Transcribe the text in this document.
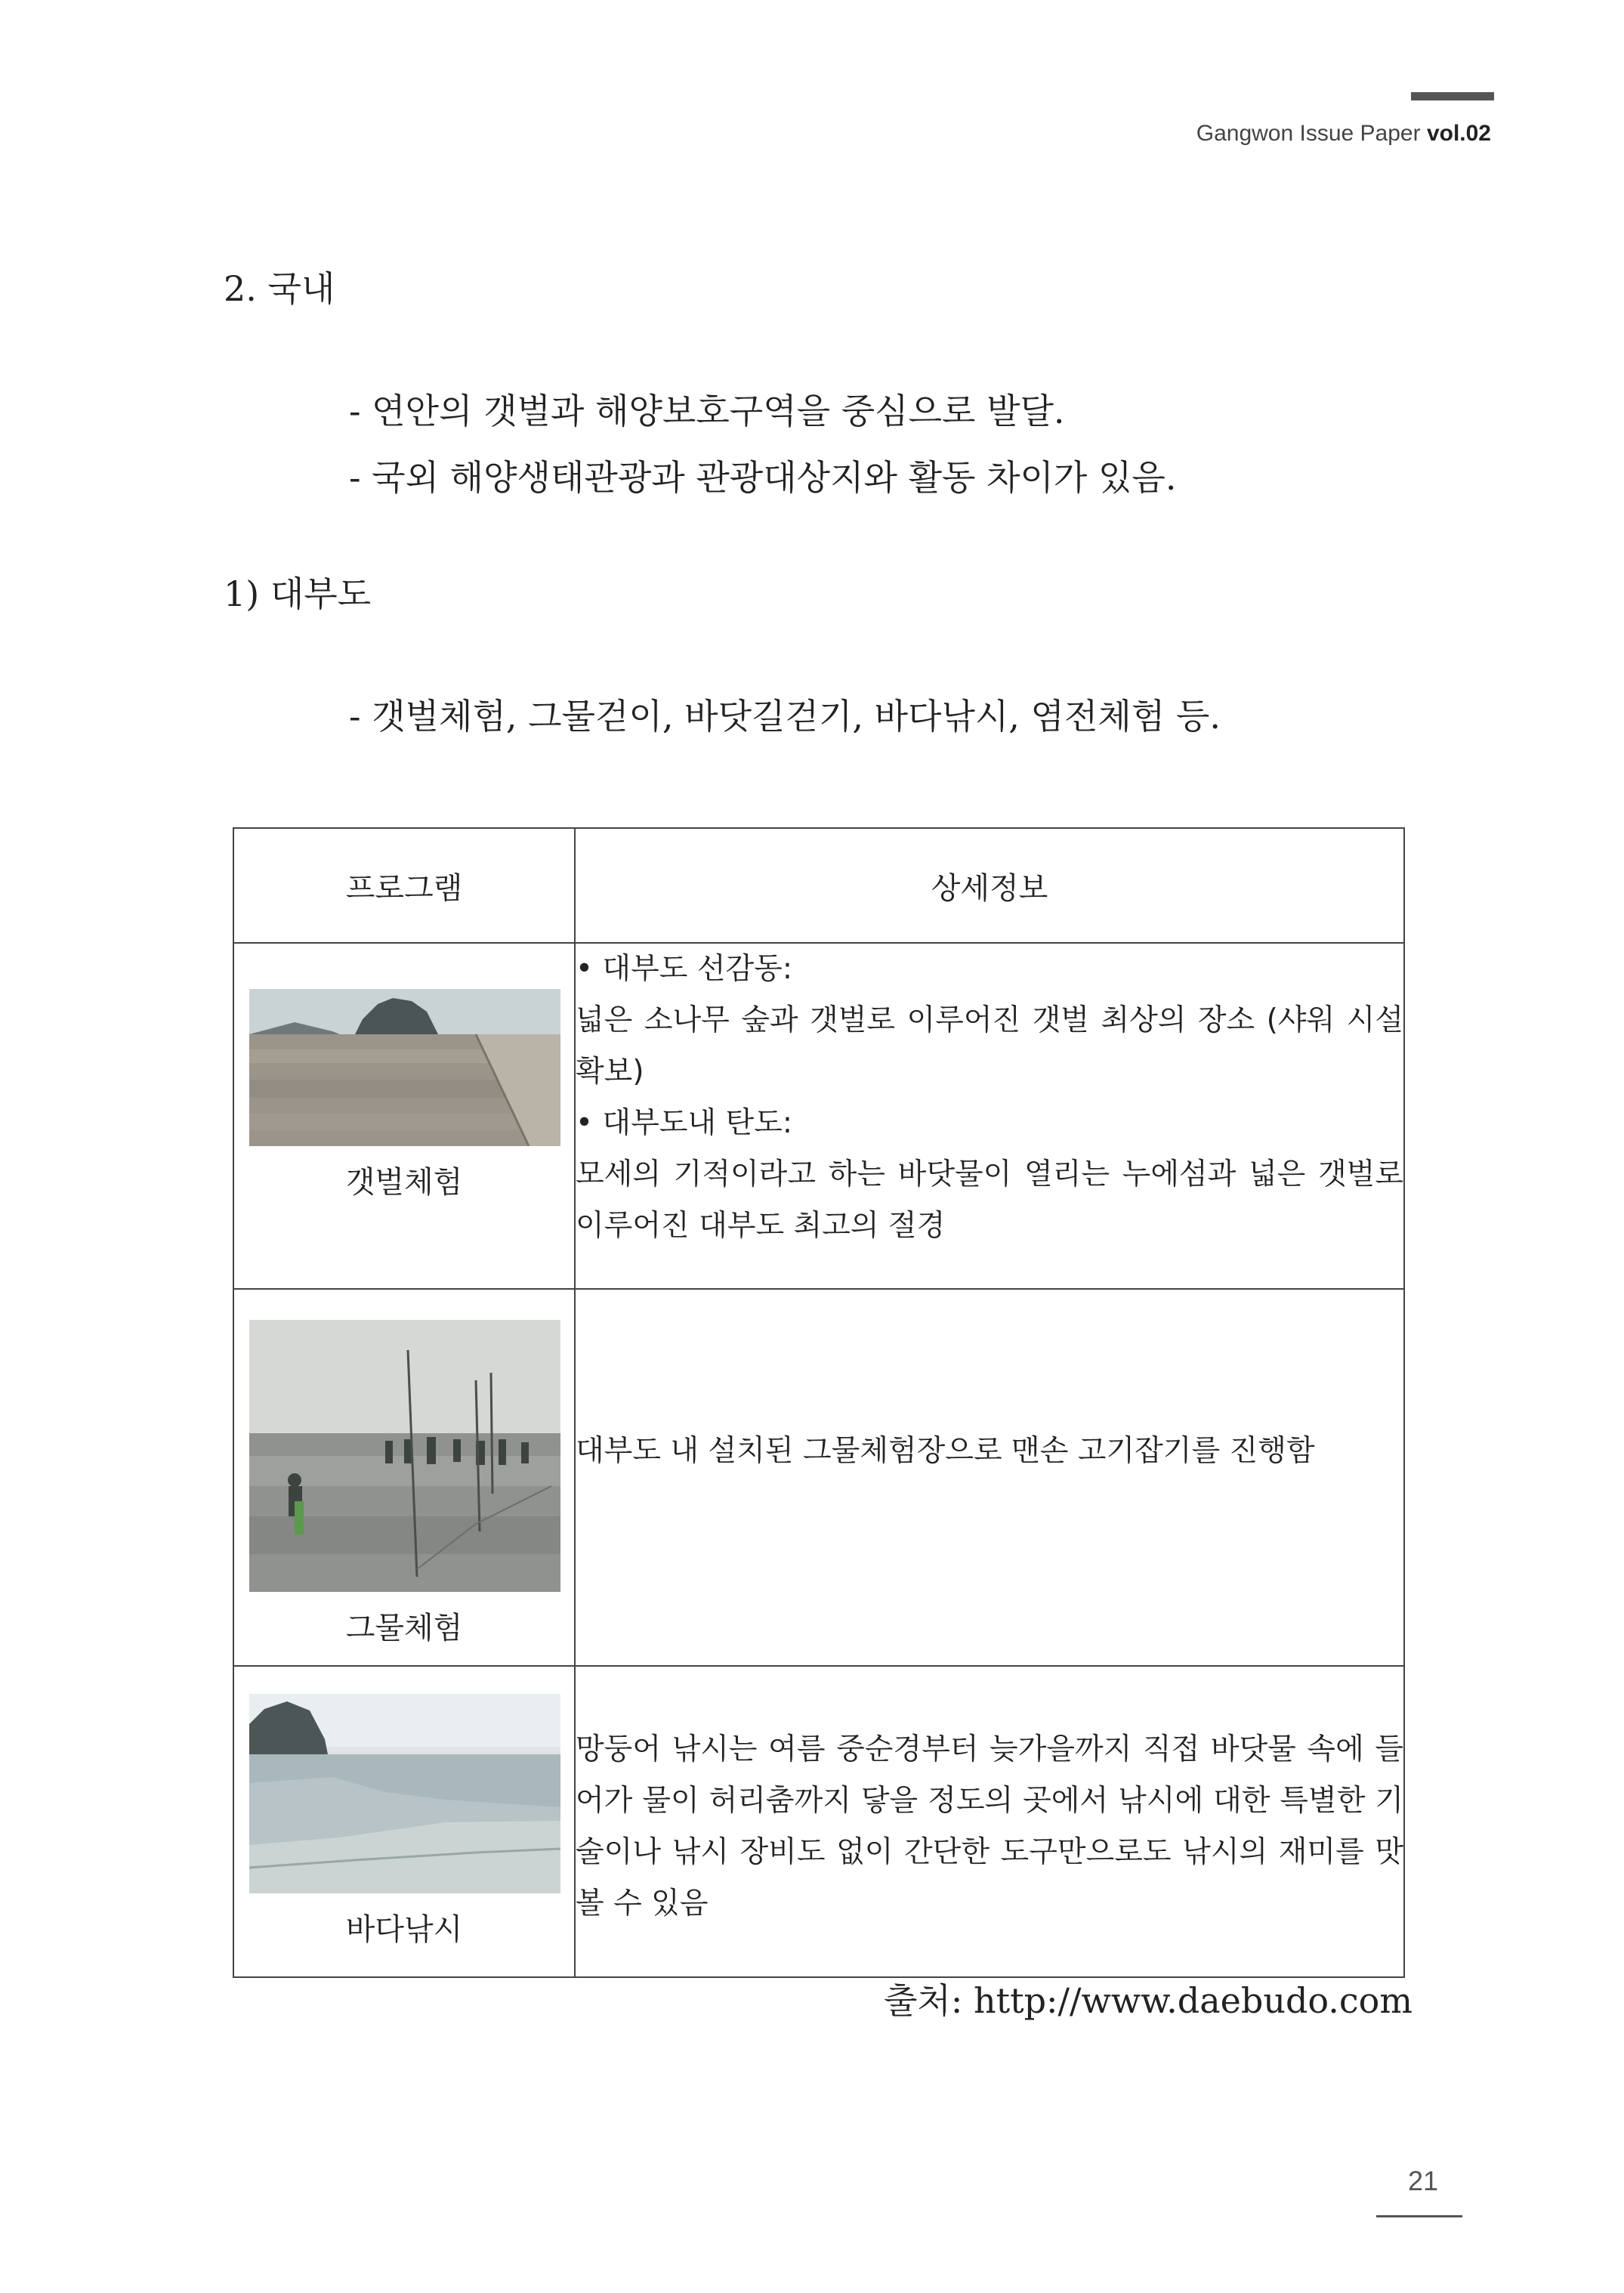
Gangwon Issue Paper vol.02
2. 국내
- 연안의 갯벌과 해양보호구역을 중심으로 발달.
- 국외 해양생태관광과 관광대상지와 활동 차이가 있음.
1) 대부도
- 갯벌체험, 그물걷이, 바닷길걷기, 바다낚시, 염전체험 등.
프로그램	상세정보

갯벌체험	• 대부도 선감동:
넓은 소나무 숲과 갯벌로 이루어진 갯벌 최상의 장소 (샤워 시설 확보)
• 대부도내 탄도:
모세의 기적이라고 하는 바닷물이 열리는 누에섬과 넓은 갯벌로 이루어진 대부도 최고의 절경

그물체험	대부도 내 설치된 그물체험장으로 맨손 고기잡기를 진행함

바다낚시	망둥어 낚시는 여름 중순경부터 늦가을까지 직접 바닷물 속에 들어가 물이 허리춤까지 닿을 정도의 곳에서 낚시에 대한 특별한 기술이나 낚시 장비도 없이 간단한 도구만으로도 낚시의 재미를 맛볼 수 있음
출처: http://www.daebudo.com
21
